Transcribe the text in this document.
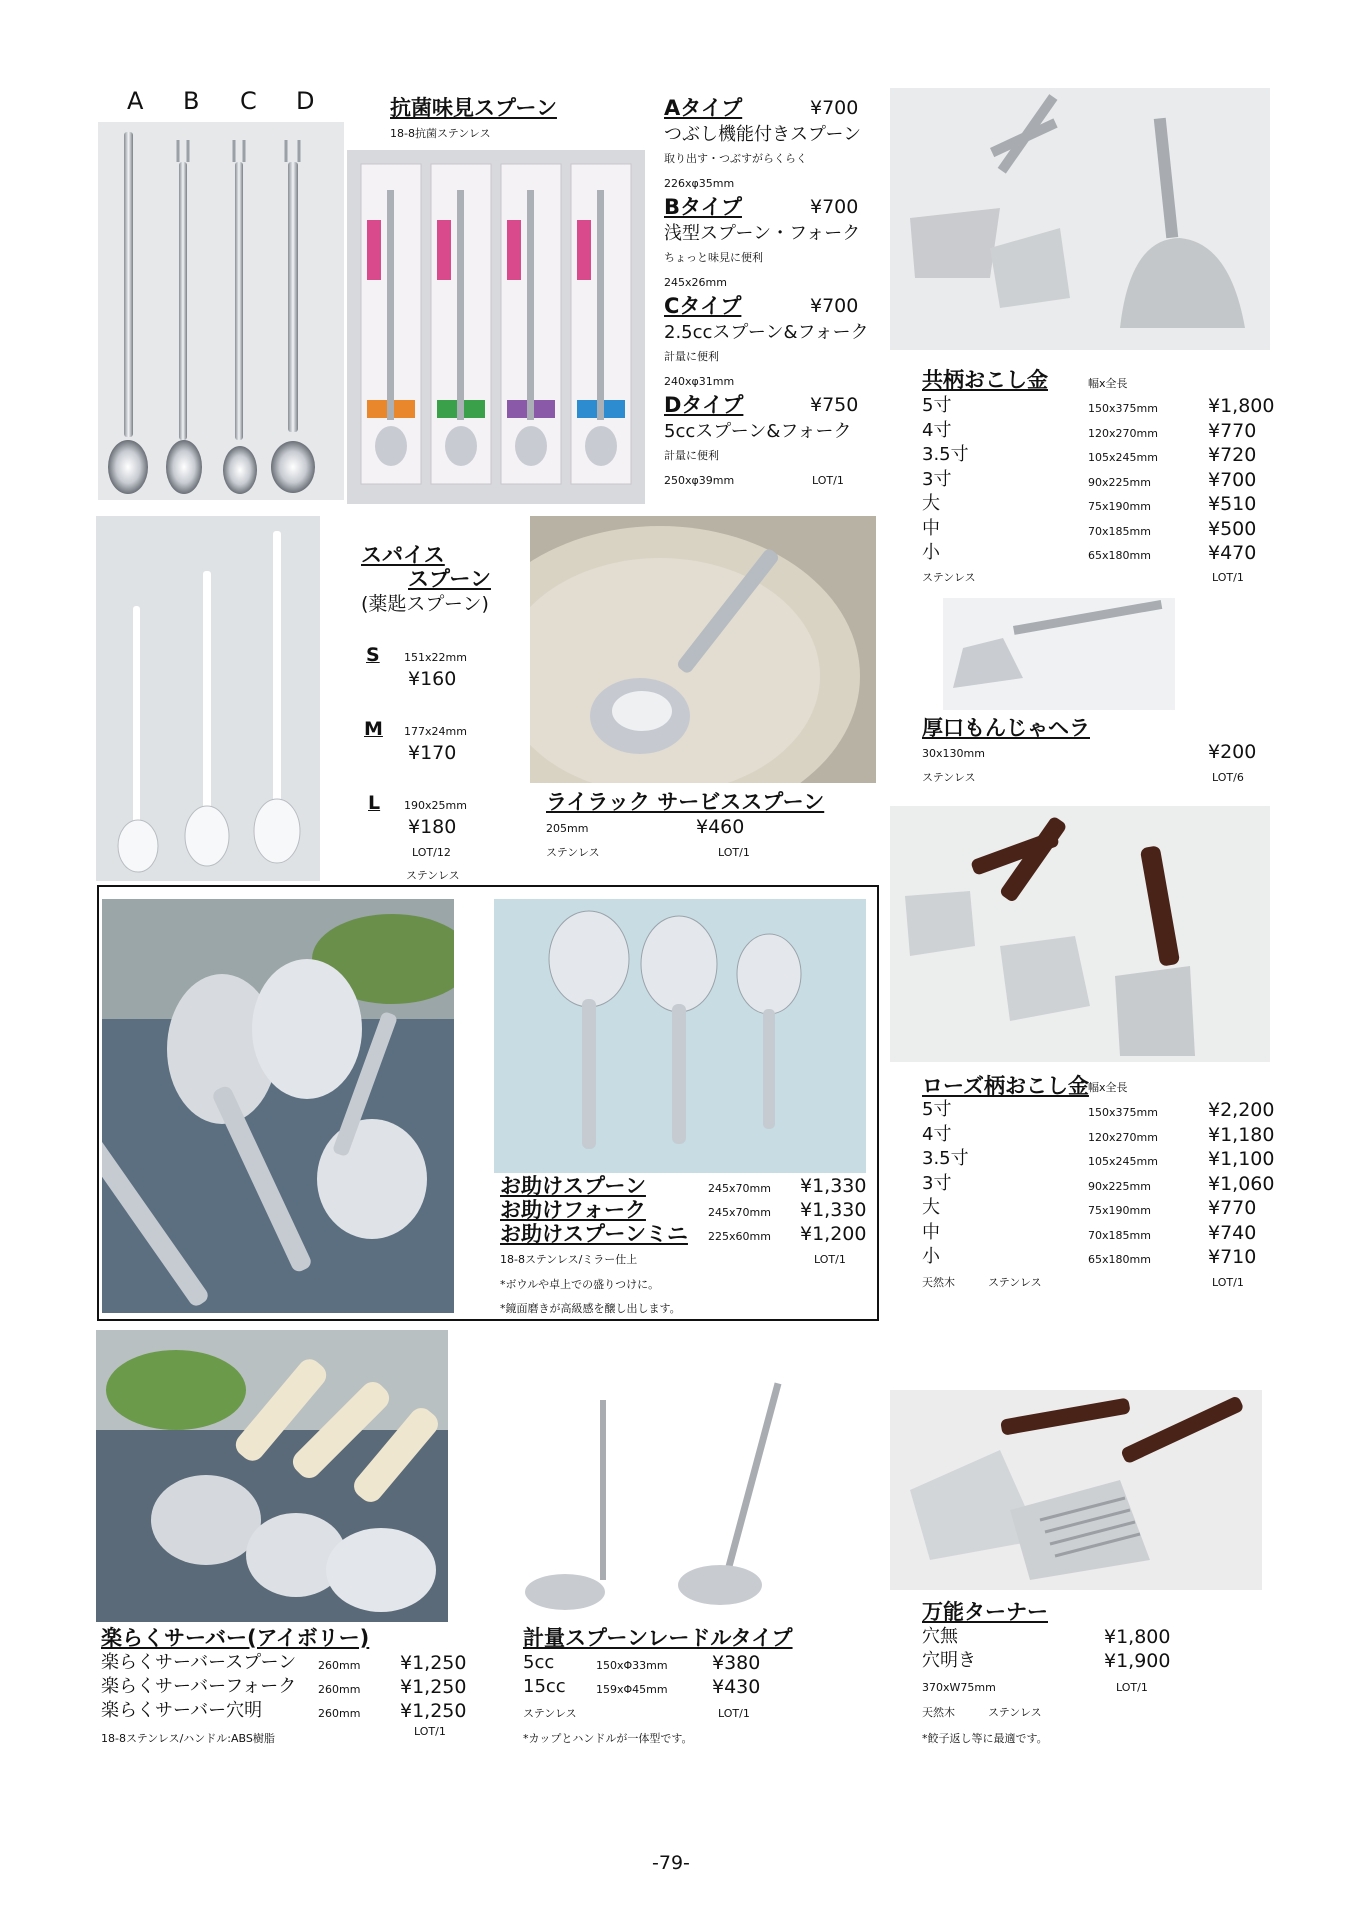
A B C D	抗菌味見スプーン
18-8抗菌ステンレス
Aタイプ	¥700
つぶし機能付きスプーン
取り出す・つぶすがらくらく
226xφ35mm
Bタイプ	¥700
浅型スプーン・フォーク
ちょっと味見に便利
245x26mm
Cタイプ	¥700
2.5ccスプーン&フォーク
計量に便利
240xφ31mm
Dタイプ	¥750
5ccスプーン&フォーク
計量に便利
250xφ39mm	LOT/1
共柄おこし金	幅x全長
5寸	150x375mm	¥1,800
4寸	120x270mm	¥770
3.5寸	105x245mm	¥720
3寸	90x225mm	¥700
大	75x190mm	¥510
中	70x185mm	¥500
小	65x180mm	¥470
ステンレス	LOT/1
スパイス
スプーン
(薬匙スプーン)
S 151x22mm
¥160
M 177x24mm
¥170
L 190x25mm
¥180
LOT/12
ステンレス
ライラック サービススプーン
205mm	¥460
ステンレス	LOT/1
厚口もんじゃヘラ
30x130mm	¥200
ステンレス	LOT/6
お助けスプーン	245x70mm ¥1,330
お助けフォーク	245x70mm ¥1,330
お助けスプーンミニ 225x60mm ¥1,200
18-8ステンレス/ミラー仕上	LOT/1
*ボウルや卓上での盛りつけに。
*鏡面磨きが高級感を醸し出します。
ローズ柄おこし金 幅x全長
5寸	150x375mm	¥2,200
4寸	120x270mm	¥1,180
3.5寸	105x245mm	¥1,100
3寸	90x225mm	¥1,060
大	75x190mm	¥770
中	70x185mm	¥740
小	65x180mm	¥710
天然木	ステンレス	LOT/1
楽らくサーバー(アイボリー)
楽らくサーバースプーン 260mm ¥1,250
楽らくサーバーフォーク 260mm ¥1,250
楽らくサーバー穴明	260mm ¥1,250
LOT/1
18-8ステンレス/ハンドル:ABS樹脂
計量スプーンレードルタイプ
5cc	150xΦ33mm ¥380
15cc	159xΦ45mm ¥430
ステンレス	LOT/1
*カップとハンドルが一体型です。
万能ターナー
穴無	¥1,800
穴明き	¥1,900
370xW75mm	LOT/1
天然木	ステンレス
*餃子返し等に最適です。
-79-
